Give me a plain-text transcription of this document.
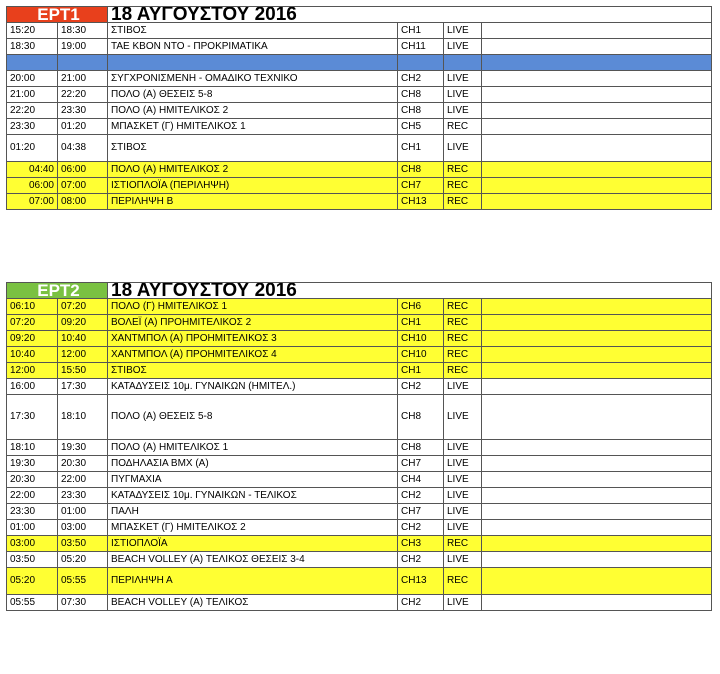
ΕΡΤ1		18 ΑΥΓΟΥΣΤΟΥ 2016			
15:20	18:30	ΣΤΙΒΟΣ	CH1	LIVE	
18:30	19:00	ΤΑΕ ΚΒΟΝ ΝΤΟ - ΠΡΟΚΡΙΜΑΤΙΚΑ	CH11	LIVE	

20:00	21:00	ΣΥΓΧΡΟΝΙΣΜΕΝΗ - ΟΜΑΔΙΚΟ ΤΕΧΝΙΚΟ	CH2	LIVE	
21:00	22:20	ΠΟΛΟ (Α) ΘΕΣΕΙΣ 5-8	CH8	LIVE	
22:20	23:30	ΠΟΛΟ (Α) ΗΜΙΤΕΛΙΚΟΣ 2	CH8	LIVE	
23:30	01:20	ΜΠΑΣΚΕΤ (Γ) ΗΜΙΤΕΛΙΚΟΣ 1	CH5	REC	
01:20	04:38	ΣΤΙΒΟΣ	CH1	LIVE	
04:40	06:00	ΠΟΛΟ (Α) ΗΜΙΤΕΛΙΚΟΣ 2	CH8	REC	
06:00	07:00	ΙΣΤΙΟΠΛΟΪΑ (ΠΕΡΙΛΗΨΗ)	CH7	REC	
07:00	08:00	ΠΕΡΙΛΗΨΗ Β	CH13	REC	
ΕΡΤ2		18 ΑΥΓΟΥΣΤΟΥ 2016			
06:10	07:20	ΠΟΛΟ (Γ) ΗΜΙΤΕΛΙΚΟΣ 1	CH6	REC	
07:20	09:20	ΒΟΛΕΪ (Α) ΠΡΟΗΜΙΤΕΛΙΚΟΣ 2	CH1	REC	
09:20	10:40	ΧΑΝΤΜΠΟΛ (Α) ΠΡΟΗΜΙΤΕΛΙΚΟΣ 3	CH10	REC	
10:40	12:00	ΧΑΝΤΜΠΟΛ (Α) ΠΡΟΗΜΙΤΕΛΙΚΟΣ 4	CH10	REC	
12:00	15:50	ΣΤΙΒΟΣ	CH1	REC	
16:00	17:30	ΚΑΤΑΔΥΣΕΙΣ 10μ. ΓΥΝΑΙΚΩΝ (ΗΜΙΤΕΛ.)	CH2	LIVE	
17:30	18:10	ΠΟΛΟ (Α) ΘΕΣΕΙΣ 5-8	CH8	LIVE	
18:10	19:30	ΠΟΛΟ (Α) ΗΜΙΤΕΛΙΚΟΣ 1	CH8	LIVE	
19:30	20:30	ΠΟΔΗΛΑΣΙΑ BMX (Α)	CH7	LIVE	
20:30	22:00	ΠΥΓΜΑΧΙΑ	CH4	LIVE	
22:00	23:30	ΚΑΤΑΔΥΣΕΙΣ 10μ. ΓΥΝΑΙΚΩΝ - ΤΕΛΙΚΟΣ	CH2	LIVE	
23:30	01:00	ΠΑΛΗ	CH7	LIVE	
01:00	03:00	ΜΠΑΣΚΕΤ (Γ) ΗΜΙΤΕΛΙΚΟΣ 2	CH2	LIVE	
03:00	03:50	ΙΣΤΙΟΠΛΟΪΑ	CH3	REC	
03:50	05:20	BEACH VOLLEY (Α) ΤΕΛΙΚΟΣ ΘΕΣΕΙΣ 3-4	CH2	LIVE	
05:20	05:55	ΠΕΡΙΛΗΨΗ Α	CH13	REC	
05:55	07:30	BEACH VOLLEY (Α) ΤΕΛΙΚΟΣ	CH2	LIVE	
